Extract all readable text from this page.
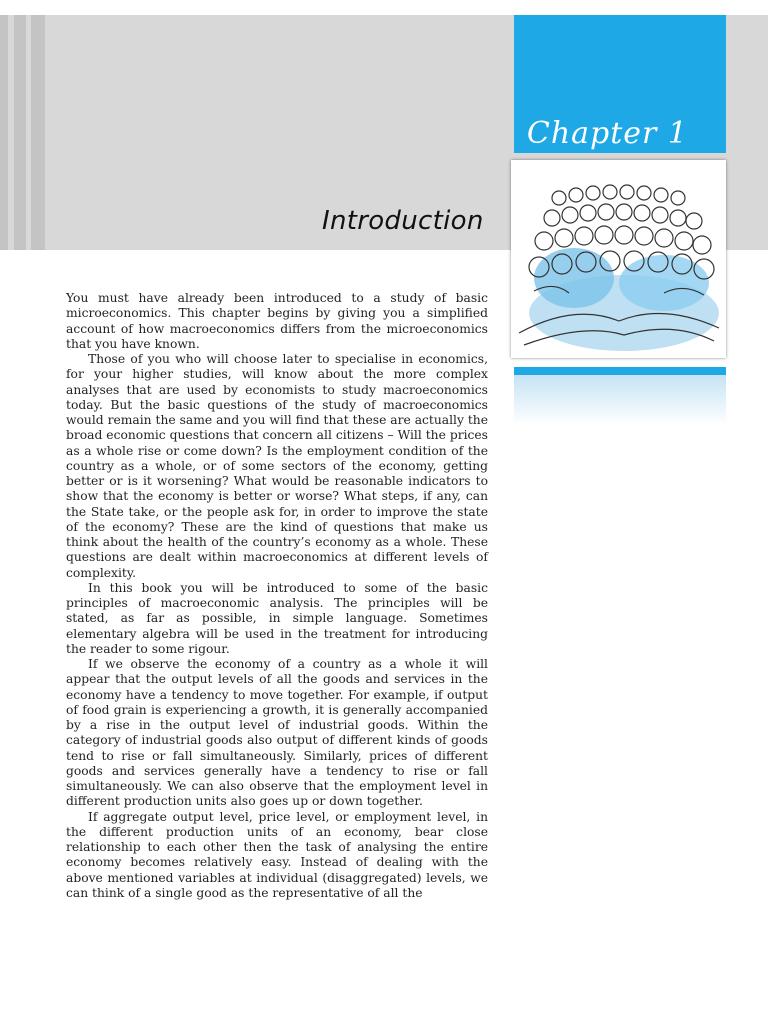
Chapter 1
Introduction

You must have already been introduced to a study of basic microeconomics. This chapter begins by giving you a simplified account of how macroeconomics differs from the microeconomics that you have known.

Those of you who will choose later to specialise in economics, for your higher studies, will know about the more complex analyses that are used by economists to study macroeconomics today. But the basic questions of the study of macroeconomics would remain the same and you will find that these are actually the broad economic questions that concern all citizens – Will the prices as a whole rise or come down? Is the employment condition of the country as a whole, or of some sectors of the economy, getting better or is it worsening? What would be reasonable indicators to show that the economy is better or worse? What steps, if any, can the State take, or the people ask for, in order to improve the state of the economy? These are the kind of questions that make us think about the health of the country’s economy as a whole. These questions are dealt within macroeconomics at different levels of complexity.

In this book you will be introduced to some of the basic principles of macroeconomic analysis. The principles will be stated, as far as possible, in simple language. Sometimes elementary algebra will be used in the treatment for introducing the reader to some rigour.

If we observe the economy of a country as a whole it will appear that the output levels of all the goods and services in the economy have a tendency to move together. For example, if output of food grain is experiencing a growth, it is generally accompanied by a rise in the output level of industrial goods. Within the category of industrial goods also output of different kinds of goods tend to rise or fall simultaneously. Similarly, prices of different goods and services generally have a tendency to rise or fall simultaneously. We can also observe that the employment level in different production units also goes up or down together.

If aggregate output level, price level, or employment level, in the different production units of an economy, bear close relationship to each other then the task of analysing the entire economy becomes relatively easy. Instead of dealing with the above mentioned variables at individual (disaggregated) levels, we can think of a single good as the representative of all the
